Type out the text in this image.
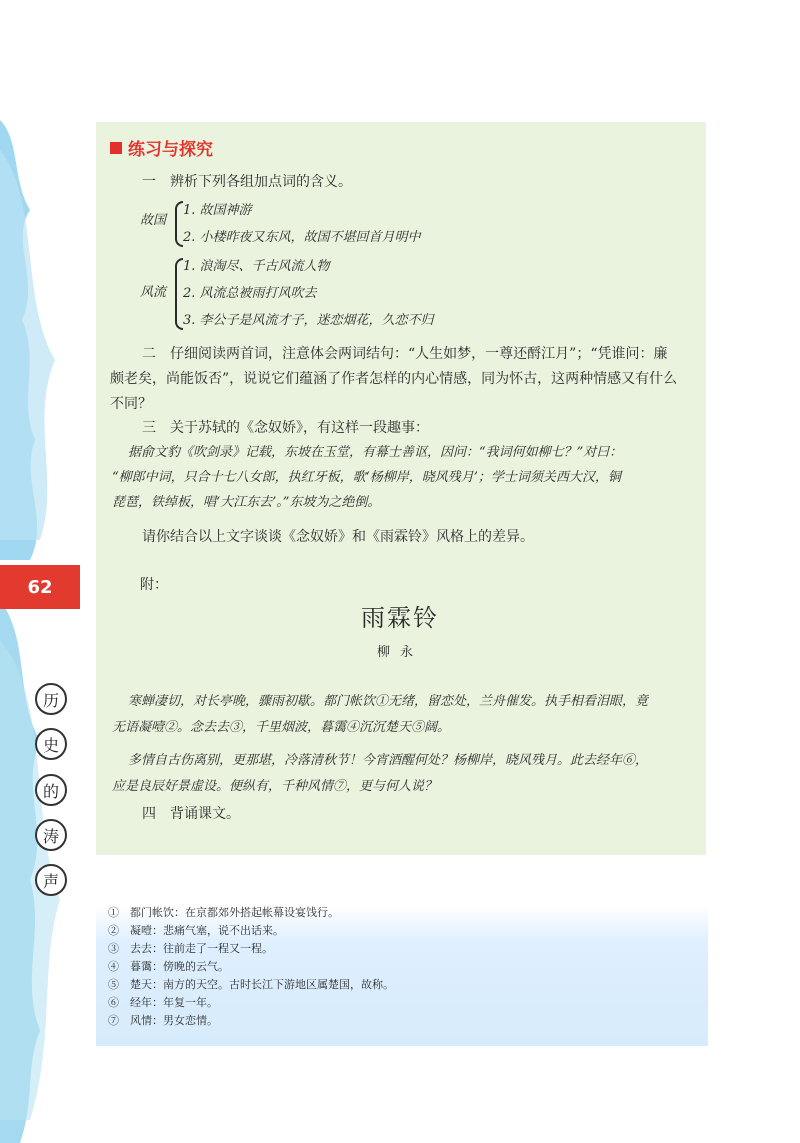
练习与探究
一　辨析下列各组加点词的含义。
故国
1. 故国神游
2. 小楼昨夜又东风，故国不堪回首月明中
风流
1. 浪淘尽、千古风流人物
2. 风流总被雨打风吹去
3. 李公子是风流才子，迷恋烟花，久恋不归
二　仔细阅读两首词，注意体会两词结句：“人生如梦，一尊还酹江月”；“凭谁问：廉
颇老矣，尚能饭否”，说说它们蕴涵了作者怎样的内心情感，同为怀古，这两种情感又有什么
不同？
三　关于苏轼的《念奴娇》，有这样一段趣事：
据俞文豹《吹剑录》记载，东坡在玉堂，有幕士善讴，因问：“我词何如柳七？”对曰：
“柳郎中词，只合十七八女郎，执红牙板，歌‘杨柳岸，晓风残月’；学士词须关西大汉，铜
琵琶，铁绰板，唱‘大江东去’。”东坡为之绝倒。
请你结合以上文字谈谈《念奴娇》和《雨霖铃》风格上的差异。
附：
雨霖铃
柳永
寒蝉凄切，对长亭晚，骤雨初歇。都门帐饮①无绪，留恋处，兰舟催发。执手相看泪眼，竟
无语凝噎②。念去去③，千里烟波，暮霭④沉沉楚天⑤阔。
多情自古伤离别，更那堪，冷落清秋节！今宵酒醒何处？杨柳岸，晓风残月。此去经年⑥，
应是良辰好景虚设。便纵有，千种风情⑦，更与何人说？
四　背诵课文。
62
历
史
的
涛
声
①　都门帐饮：在京都郊外搭起帐幕设宴饯行。
②　凝噎：悲痛气塞，说不出话来。
③　去去：往前走了一程又一程。
④　暮霭：傍晚的云气。
⑤　楚天：南方的天空。古时长江下游地区属楚国，故称。
⑥　经年：年复一年。
⑦　风情：男女恋情。
